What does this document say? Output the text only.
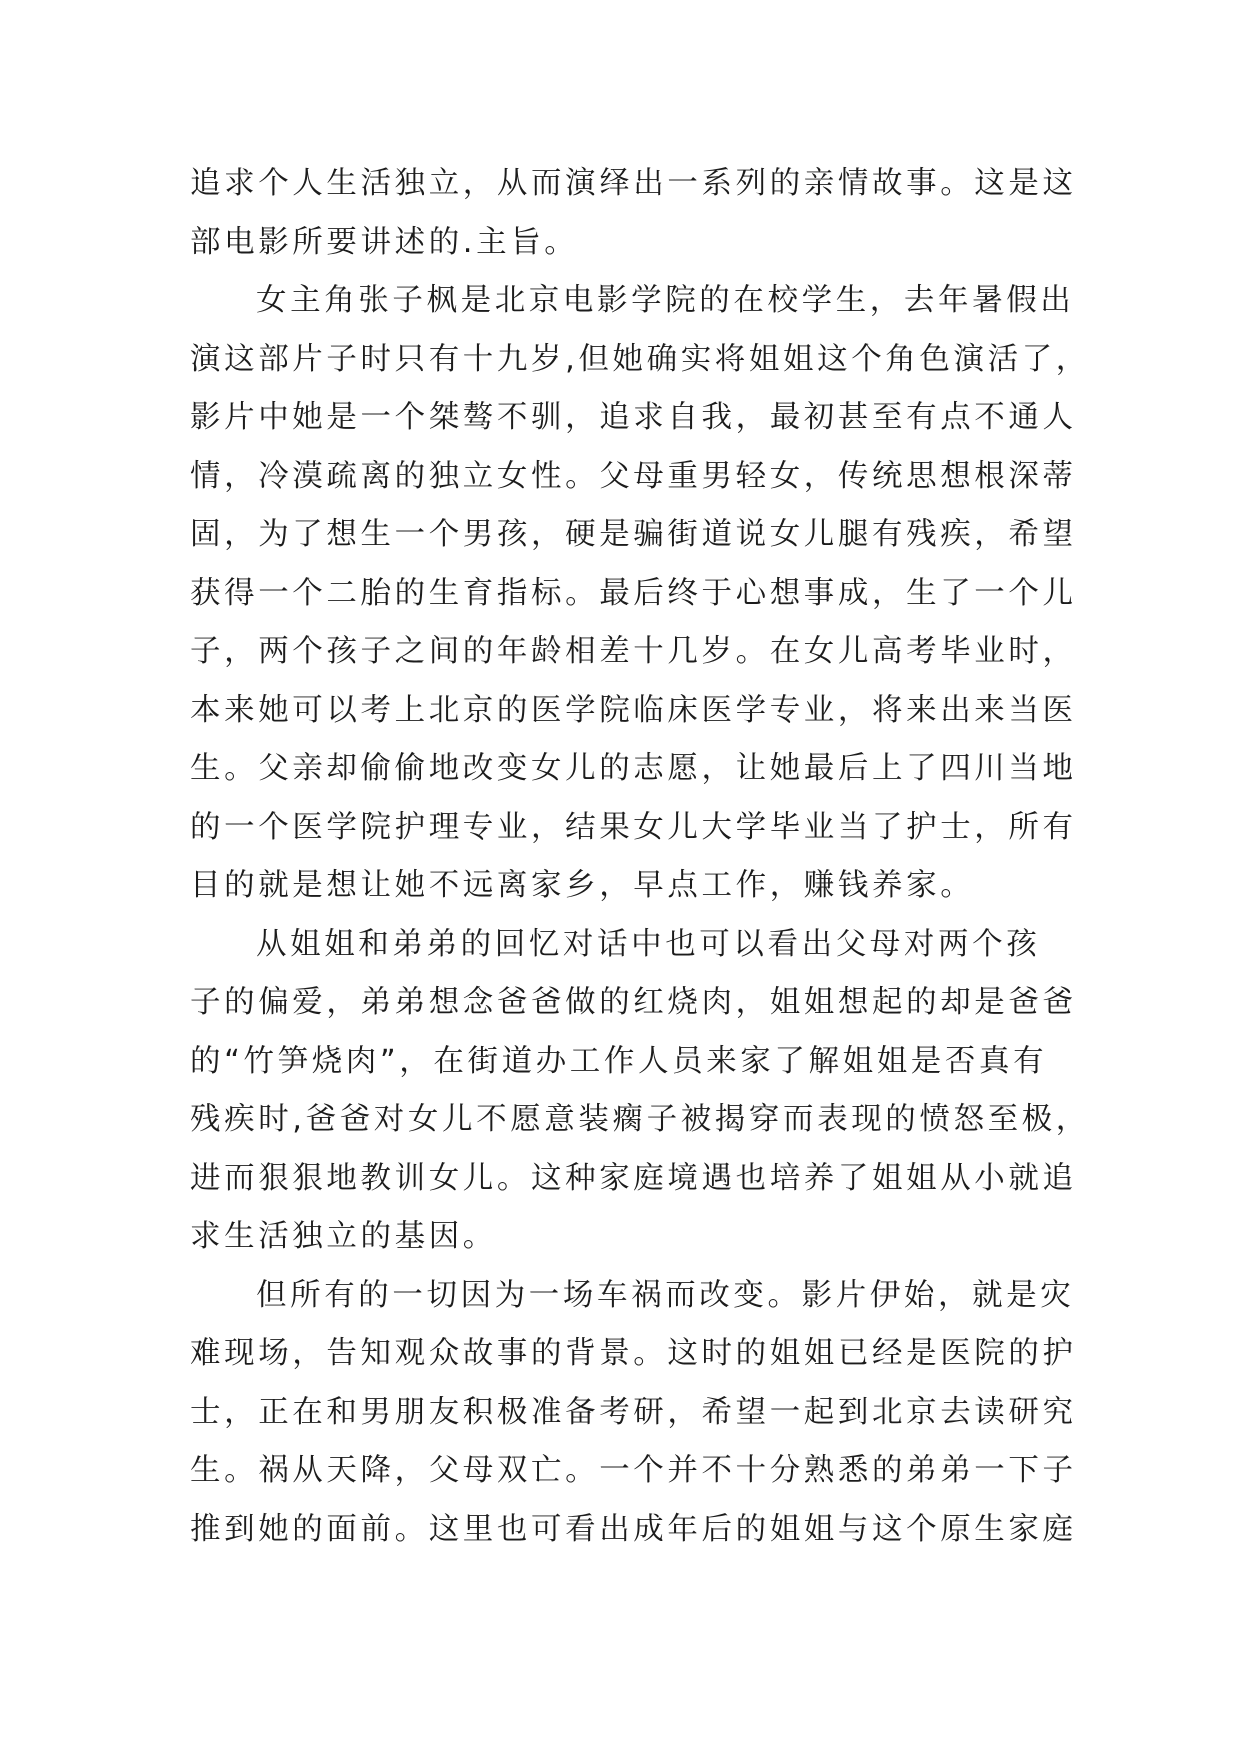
追求个人生活独立，从而演绎出一系列的亲情故事。这是这
部电影所要讲述的.主旨。
女主角张子枫是北京电影学院的在校学生，去年暑假出
演这部片子时只有十九岁,但她确实将姐姐这个角色演活了，
影片中她是一个桀骜不驯，追求自我，最初甚至有点不通人
情，冷漠疏离的独立女性。父母重男轻女，传统思想根深蒂
固，为了想生一个男孩，硬是骗街道说女儿腿有残疾，希望
获得一个二胎的生育指标。最后终于心想事成，生了一个儿
子，两个孩子之间的年龄相差十几岁。在女儿高考毕业时，
本来她可以考上北京的医学院临床医学专业，将来出来当医
生。父亲却偷偷地改变女儿的志愿，让她最后上了四川当地
的一个医学院护理专业，结果女儿大学毕业当了护士，所有
目的就是想让她不远离家乡，早点工作，赚钱养家。
从姐姐和弟弟的回忆对话中也可以看出父母对两个孩
子的偏爱，弟弟想念爸爸做的红烧肉，姐姐想起的却是爸爸
的“竹笋烧肉”，在街道办工作人员来家了解姐姐是否真有
残疾时,爸爸对女儿不愿意装瘸子被揭穿而表现的愤怒至极，
进而狠狠地教训女儿。这种家庭境遇也培养了姐姐从小就追
求生活独立的基因。
但所有的一切因为一场车祸而改变。影片伊始，就是灾
难现场，告知观众故事的背景。这时的姐姐已经是医院的护
士，正在和男朋友积极准备考研，希望一起到北京去读研究
生。祸从天降，父母双亡。一个并不十分熟悉的弟弟一下子
推到她的面前。这里也可看出成年后的姐姐与这个原生家庭
